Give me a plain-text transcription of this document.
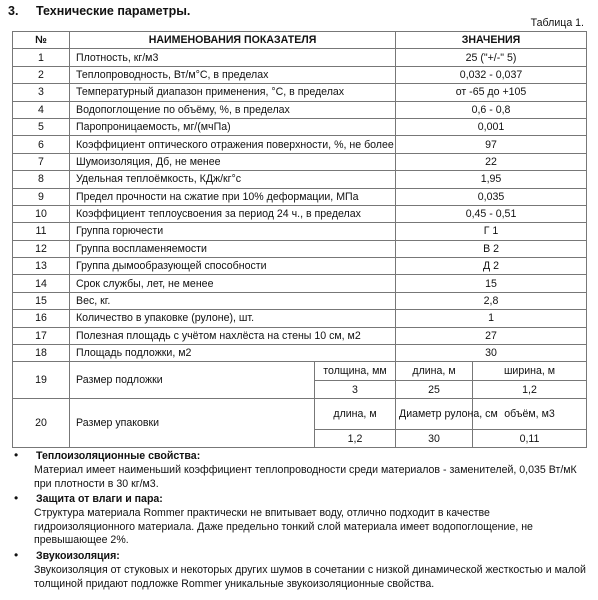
3. Технические параметры.
Таблица 1.
№	НАИМЕНОВАНИЯ ПОКАЗАТЕЛЯ		ЗНАЧЕНИЯ	
1	Плотность, кг/м3		25 ("+/-" 5)	
2	Теплопроводность, Вт/м°С, в пределах		0,032 - 0,037	
3	Температурный диапазон применения, °С, в пределах		от -65 до +105	
4	Водопоглощение по объёму, %, в пределах		0,6 - 0,8	
5	Паропроницаемость, мг/(мчПа)		0,001	
6	Коэффициент оптического отражения поверхности, %, не более		97	
7	Шумоизоляция, Дб, не менее		22	
8	Удельная теплоёмкость, КДж/кг°с		1,95	
9	Предел прочности на сжатие при 10% деформации, МПа		0,035	
10	Коэффициент теплоусвоения за период 24 ч., в пределах		0,45 - 0,51	
11	Группа горючести		Г 1	
12	Группа воспламеняемости		В 2	
13	Группа дымообразующей способности		Д 2	
14	Срок службы, лет, не менее		15	
15	Вес, кг.		2,8	
16	Количество в упаковке (рулоне), шт.		1	
17	Полезная площадь с учётом нахлёста на стены 10 см, м2		27	
18	Площадь подложки, м2		30	
19	Размер подложки	толщина, мм	длина, м	ширина, м
		3	25	1,2
20	Размер упаковки	длина, м	Диаметр рулона, см	объём, м3
		1,2	30	0,11
•	Теплоизоляционные свойства:
Материал имеет наименьший коэффициент теплопроводности среди материалов - заменителей, 0,035 Вт/мК при плотности в 30 кг/м3.
•	Защита от влаги и пара:
Структура материала Rommer практически не впитывает воду, отлично подходит в качестве гидроизоляционного материала. Даже предельно тонкий слой материала имеет водопоглощение, не превышающее 2%.
•	Звукоизоляция:
Звукоизоляция от стуковых и некоторых других шумов в сочетании с низкой динамической жесткостью и малой толщиной придают подложке Rommer уникальные звукоизоляционные свойства.
